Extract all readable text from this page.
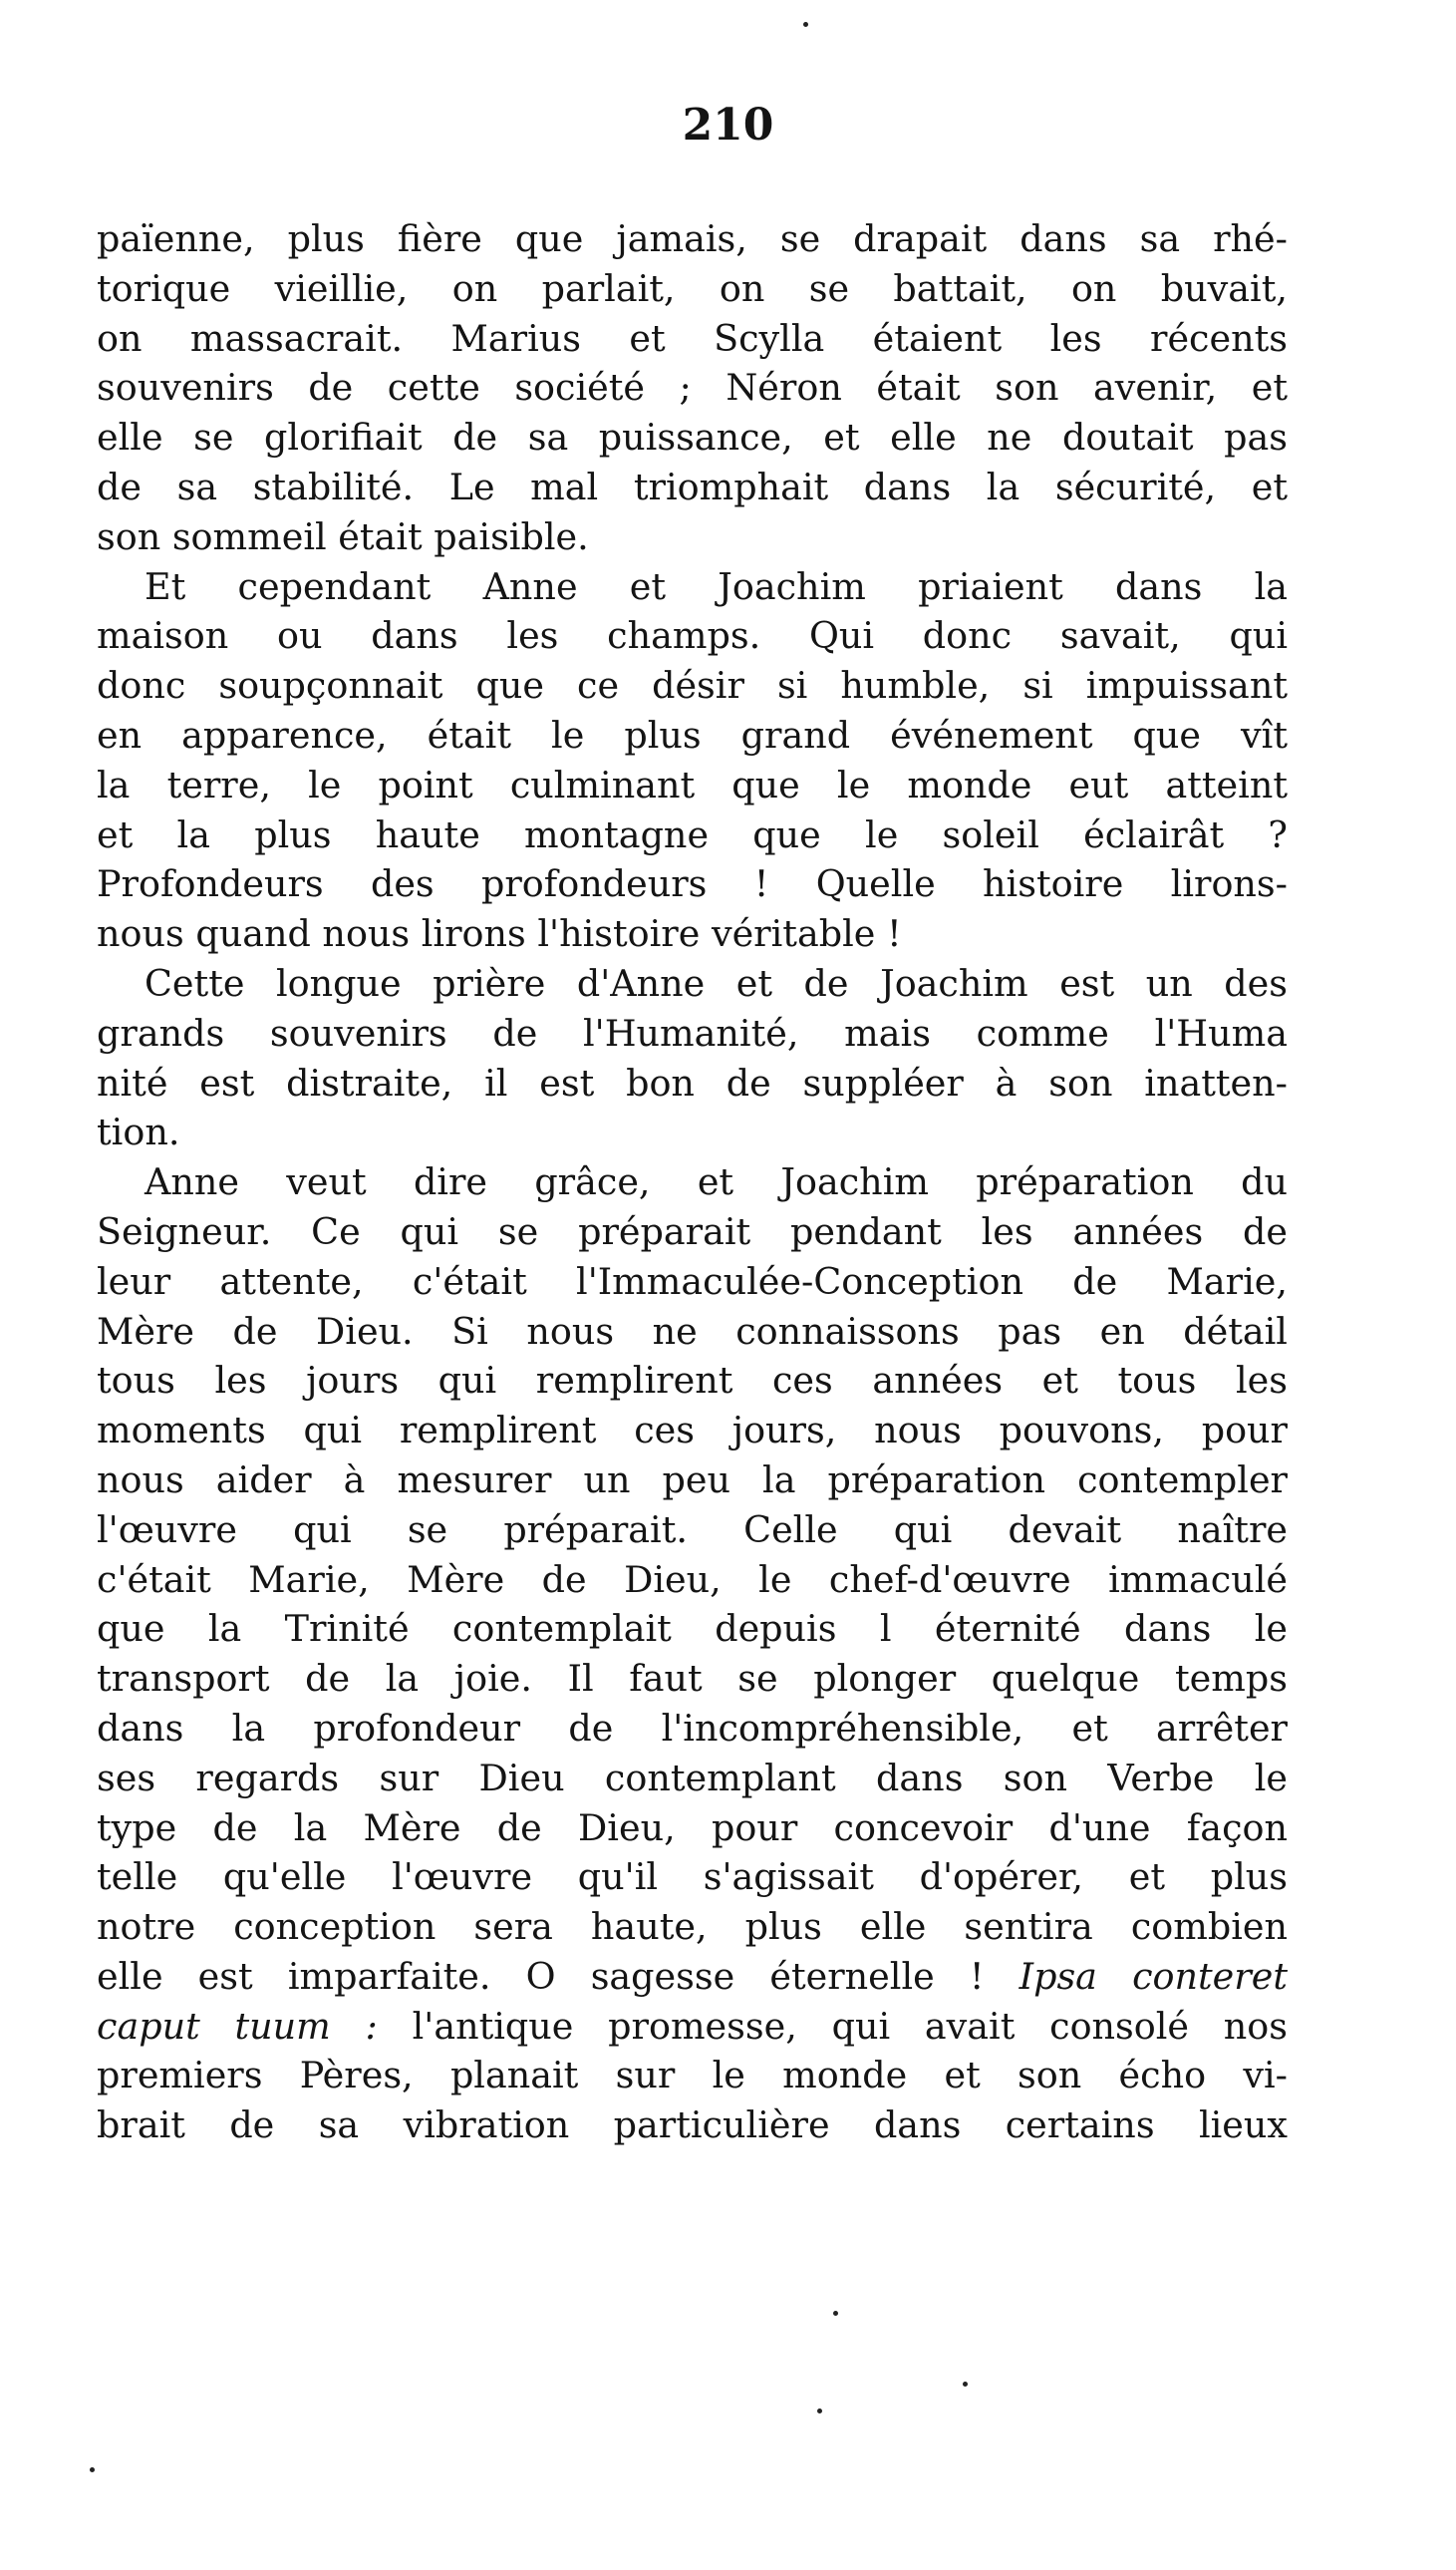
210
païenne, plus fière que jamais, se drapait dans sa rhé-
torique vieillie, on parlait, on se battait, on buvait,
on massacrait. Marius et Scylla étaient les récents
souvenirs de cette société ; Néron était son avenir, et
elle se glorifiait de sa puissance, et elle ne doutait pas
de sa stabilité. Le mal triomphait dans la sécurité, et
son sommeil était paisible.
Et cependant Anne et Joachim priaient dans la
maison ou dans les champs. Qui donc savait, qui
donc soupçonnait que ce désir si humble, si impuissant
en apparence, était le plus grand événement que vît
la terre, le point culminant que le monde eut atteint
et la plus haute montagne que le soleil éclairât ?
Profondeurs des profondeurs ! Quelle histoire lirons-
nous quand nous lirons l'histoire véritable !
Cette longue prière d'Anne et de Joachim est un des
grands souvenirs de l'Humanité, mais comme l'Huma
nité est distraite, il est bon de suppléer à son inatten-
tion.
Anne veut dire grâce, et Joachim préparation du
Seigneur. Ce qui se préparait pendant les années de
leur attente, c'était l'Immaculée-Conception de Marie,
Mère de Dieu. Si nous ne connaissons pas en détail
tous les jours qui remplirent ces années et tous les
moments qui remplirent ces jours, nous pouvons, pour
nous aider à mesurer un peu la préparation contempler
l'œuvre qui se préparait. Celle qui devait naître
c'était Marie, Mère de Dieu, le chef-d'œuvre immaculé
que la Trinité contemplait depuis l éternité dans le
transport de la joie. Il faut se plonger quelque temps
dans la profondeur de l'incompréhensible, et arrêter
ses regards sur Dieu contemplant dans son Verbe le
type de la Mère de Dieu, pour concevoir d'une façon
telle qu'elle l'œuvre qu'il s'agissait d'opérer, et plus
notre conception sera haute, plus elle sentira combien
elle est imparfaite. O sagesse éternelle ! Ipsa conteret
caput tuum : l'antique promesse, qui avait consolé nos
premiers Pères, planait sur le monde et son écho vi-
brait de sa vibration particulière dans certains lieux
